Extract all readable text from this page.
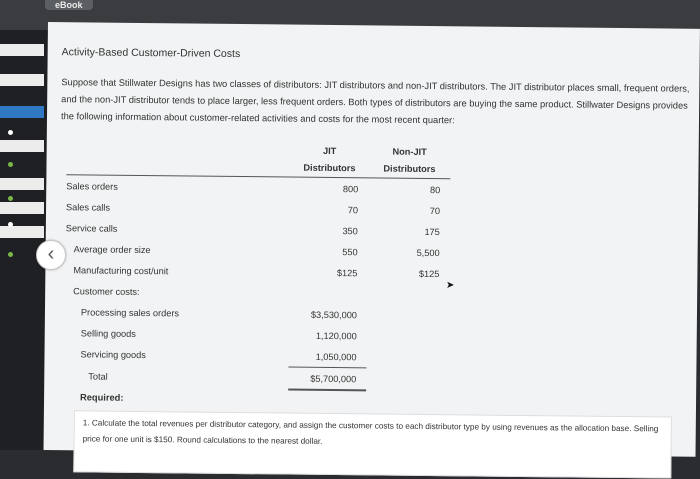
eBook
‹
Activity-Based Customer-Driven Costs
Suppose that Stillwater Designs has two classes of distributors: JIT distributors and non-JIT distributors. The JIT distributor places small, frequent orders, and the non-JIT distributor tends to place larger, less frequent orders. Both types of distributors are buying the same product. Stillwater Designs provides the following information about customer-related activities and costs for the most recent quarter:
	JIT	Non-JIT
	Distributors	Distributors
Sales orders	800	80
Sales calls	70	70
Service calls	350	175
Average order size	550	5,500
Manufacturing cost/unit	$125	$125
Customer costs:		
Processing sales orders	$3,530,000	
Selling goods	1,120,000	
Servicing goods	1,050,000	
Total	$5,700,000	
Required:
1. Calculate the total revenues per distributor category, and assign the customer costs to each distributor type by using revenues as the allocation base. Selling price for one unit is $150. Round calculations to the nearest dollar.
➤
